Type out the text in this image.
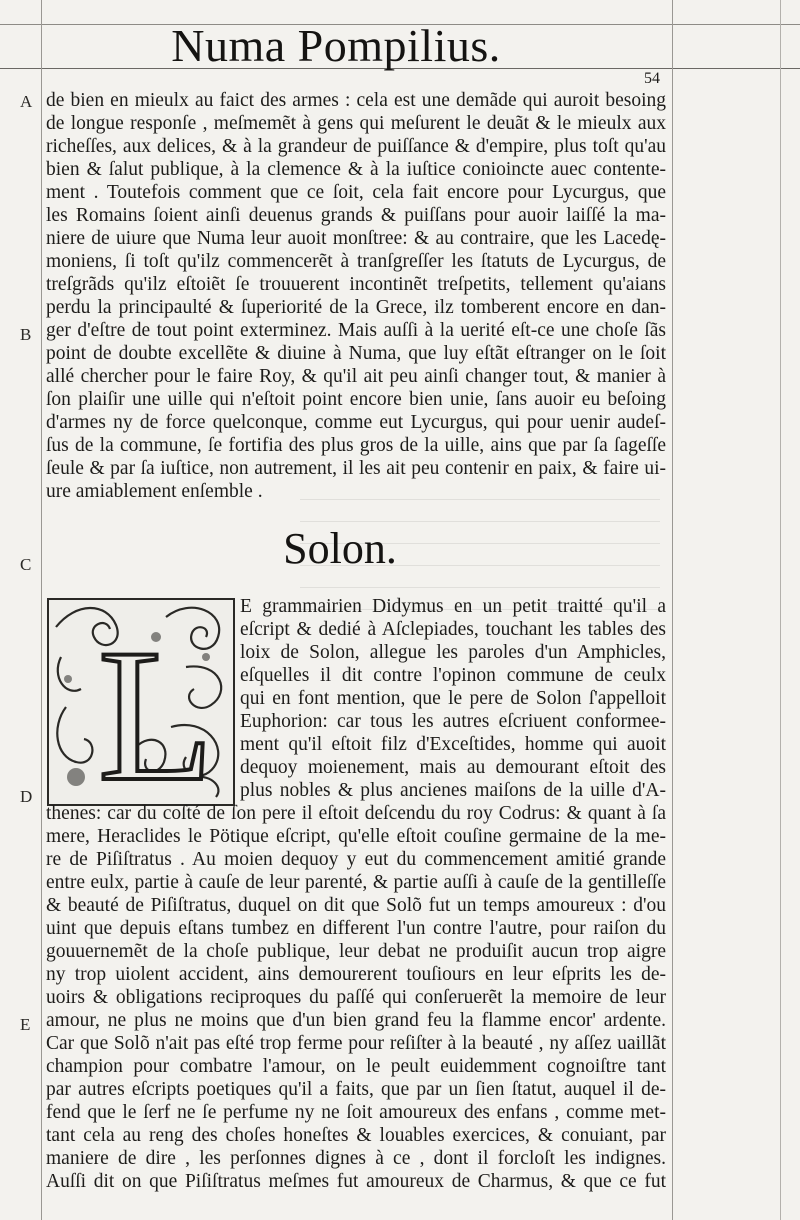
Numa Pompilius.
54
A
B
C
D
E
de bien en mieulx au faict des armes : cela est une demãde qui auroit besoing
de longue responſe , meſmemẽt à gens qui meſurent le deuãt & le mieulx aux
richeſſes, aux delices, & à la grandeur de puiſſance & d'empire, plus toſt qu'au
bien & ſalut publique, à la clemence & à la iuſtice conioincte auec contente-
ment . Toutefois comment que ce ſoit, cela fait encore pour Lycurgus, que
les Romains ſoient ainſi deuenus grands & puiſſans pour auoir laiſſé la ma-
niere de uiure que Numa leur auoit monſtree: & au contraire, que les Lacedę-
moniens, ſi toſt qu'ilz commencerẽt à tranſgreſſer les ſtatuts de Lycurgus, de
treſgrãds qu'ilz eſtoiẽt ſe trouuerent incontinẽt treſpetits, tellement qu'aians
perdu la principaulté & ſuperiorité de la Grece, ilz tomberent encore en dan-
ger d'eſtre de tout point exterminez. Mais auſſi à la uerité eſt-ce une choſe ſãs
point de doubte excellẽte & diuine à Numa, que luy eſtãt eſtranger on le ſoit
allé chercher pour le faire Roy, & qu'il ait peu ainſi changer tout, & manier à
ſon plaiſir une uille qui n'eſtoit point encore bien unie, ſans auoir eu beſoing
d'armes ny de force quelconque, comme eut Lycurgus, qui pour uenir audeſ-
ſus de la commune, ſe fortifia des plus gros de la uille, ains que par ſa ſageſſe
ſeule & par ſa iuſtice, non autrement, il les ait peu contenir en paix, & faire ui-
ure amiablement enſemble .
Solon.
L
E grammairien Didymus en un petit traitté qu'il a
eſcript & dedié à Aſclepiades, touchant les tables des
loix de Solon, allegue les paroles d'un Amphicles,
eſquelles il dit contre l'opinon commune de ceulx
qui en font mention, que le pere de Solon ſ'appelloit
Euphorion: car tous les autres eſcriuent conformee-
ment qu'il eſtoit filz d'Exceſtides, homme qui auoit
dequoy moienement, mais au demourant eſtoit des
plus nobles & plus ancienes maiſons de la uille d'A-
thenes: car du coſté de ſon pere il eſtoit deſcendu du roy Codrus: & quant à ſa
mere, Heraclides le Pötique eſcript, qu'elle eſtoit couſine germaine de la me-
re de Piſiſtratus . Au moien dequoy y eut du commencement amitié grande
entre eulx, partie à cauſe de leur parenté, & partie auſſi à cauſe de la gentilleſſe
& beauté de Piſiſtratus, duquel on dit que Solõ fut un temps amoureux : d'ou
uint que depuis eſtans tumbez en different l'un contre l'autre, pour raiſon du
gouuernemẽt de la choſe publique, leur debat ne produiſit aucun trop aigre
ny trop uiolent accident, ains demourerent touſiours en leur eſprits les de-
uoirs & obligations reciproques du paſſé qui conſeruerẽt la memoire de leur
amour, ne plus ne moins que d'un bien grand feu la flamme encor' ardente.
Car que Solõ n'ait pas eſté trop ferme pour reſiſter à la beauté , ny aſſez uaillãt
champion pour combatre l'amour, on le peult euidemment cognoiſtre tant
par autres eſcripts poetiques qu'il a faits, que par un ſien ſtatut, auquel il de-
fend que le ſerf ne ſe perfume ny ne ſoit amoureux des enfans , comme met-
tant cela au reng des choſes honeſtes & louables exercices, & conuiant, par
maniere de dire , les perſonnes dignes à ce , dont il forcloſt les indignes.
Auſſi dit on que Piſiſtratus meſmes fut amoureux de Charmus, & que ce fut
